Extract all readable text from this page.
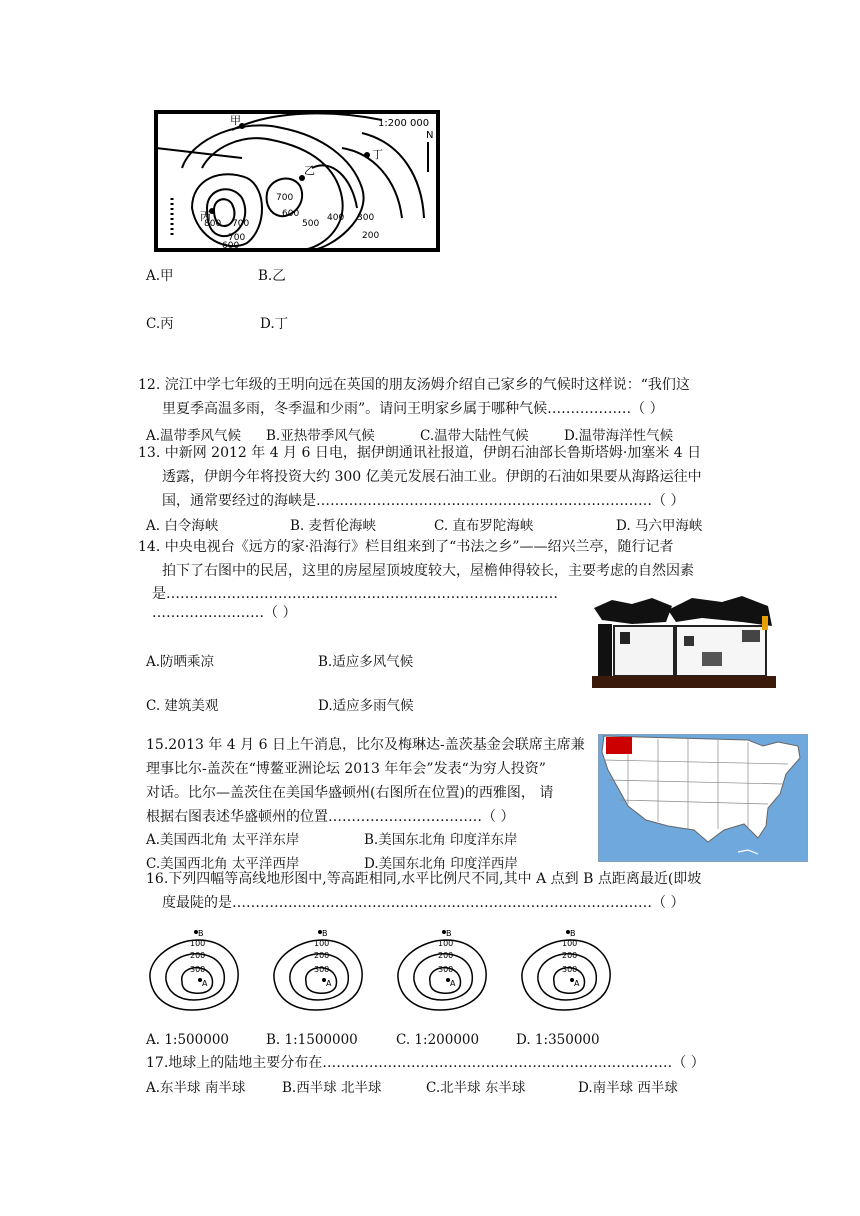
甲
丁
乙
丙
1:200 000
N
700
800
700
600
700
600
500
400 300
200
A.甲	B.乙
C.丙	D.丁
12. 浣江中学七年级的王明向远在英国的朋友汤姆介绍自己家乡的气候时这样说：“我们这
里夏季高温多雨，冬季温和少雨”。请问王明家乡属于哪种气候………………（ ）
A.温带季风气候 B.亚热带季风气候	C.温带大陆性气候	D.温带海洋性气候
13. 中新网 2012 年 4 月 6 日电，据伊朗通讯社报道，伊朗石油部长鲁斯塔姆·加塞米 4 日
透露，伊朗今年将投资大约 300 亿美元发展石油工业。伊朗的石油如果要从海路运往中
国，通常要经过的海峡是………………………………………………………………（ ）
A. 白令海峡	B. 麦哲伦海峡	C. 直布罗陀海峡	D. 马六甲海峡
14. 中央电视台《远方的家·沿海行》栏目组来到了“书法之乡”——绍兴兰亭，随行记者
拍下了右图中的民居，这里的房屋屋顶坡度较大，屋檐伸得较长，主要考虑的自然因素
是…………………………………………………………………………
……………………（ ）
A.防晒乘凉	B.适应多风气候
C. 建筑美观	D.适应多雨气候
15.2013 年 4 月 6 日上午消息，比尔及梅琳达-盖茨基金会联席主席兼
理事比尔-盖茨在“博鳌亚洲论坛 2013 年年会”发表“为穷人投资”
对话。比尔—盖茨住在美国华盛顿州(右图所在位置)的西雅图， 请
根据右图表述华盛顿州的位置……………………………（ ）
A.美国西北角 太平洋东岸	B.美国东北角 印度洋东岸
C.美国西北角 太平洋西岸	D.美国东北角 印度洋西岸
16.下列四幅等高线地形图中,等高距相同,水平比例尺不同,其中 A 点到 B 点距离最近(即坡
度最陡的是………………………………………………………………………………（ ）
B
100
200
300
A
B
100
200
300
A
B
100
200
300
A
B
100
200
300
A
A. 1:500000	B. 1:1500000	C. 1:200000	D. 1:350000
17.地球上的陆地主要分布在…………………………………………………………………（ ）
A.东半球 南半球	B.西半球 北半球	C.北半球 东半球	D.南半球 西半球
